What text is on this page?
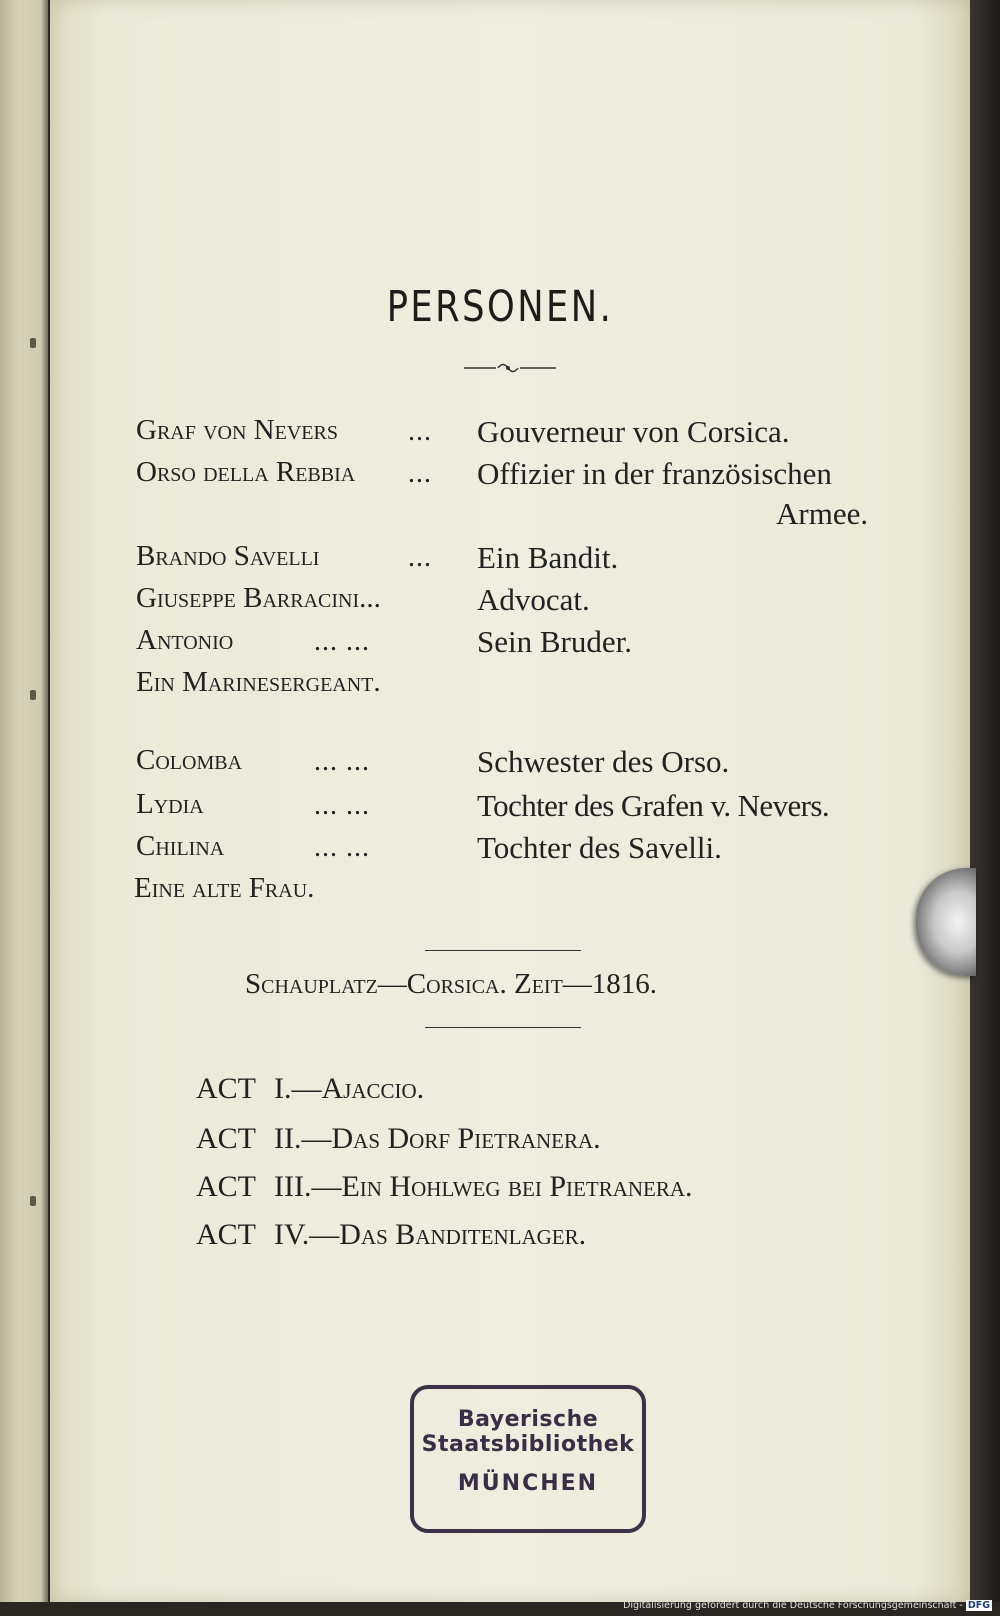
PERSONEN.
Graf von Nevers	... Gouverneur von Corsica.
Orso della Rebbia ... Offizier in der französischen
Armee.
Brando Savelli	... Ein Bandit.
Giuseppe Barracini...	Advocat.
Antonio	... ...	Sein Bruder.
Ein Marinesergeant.
Colomba	... ...	Schwester des Orso.
Lydia	... ...	Tochter des Grafen v. Nevers.
Chilina	... ...	Tochter des Savelli.
Eine alte Frau.
Schauplatz—Corsica. Zeit—1816.
ACT I.—Ajaccio.
ACT II.—Das Dorf Pietranera.
ACT III.—Ein Hohlweg bei Pietranera.
ACT IV.—Das Banditenlager.
Bayerische
Staatsbibliothek
MÜNCHEN
Digitalisierung gefördert durch die Deutsche Forschungsgemeinschaft - DFG
